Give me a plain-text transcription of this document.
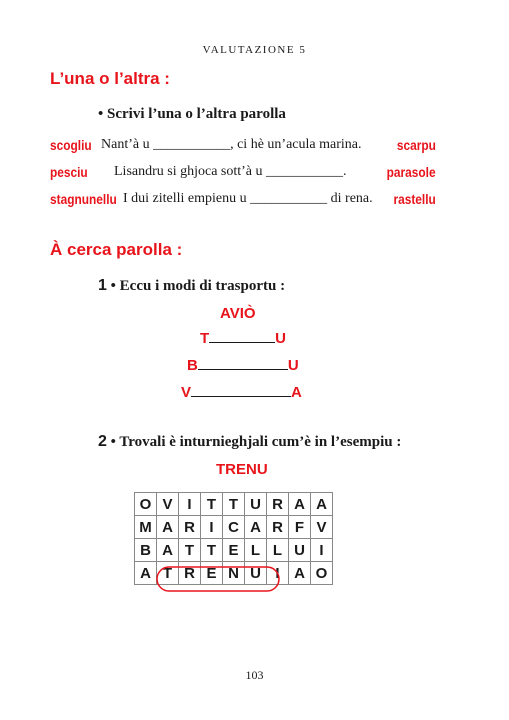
VALUTAZIONE 5
L’una o l’altra :
• Scrivi l’una o l’altra parolla
scogliu Nant’à u ___________, ci hè un’acula marina.	scarpu
pesciu Lisandru si ghjoca sott’à u ___________.	parasole
stagnunellu I dui zitelli empienu u ___________ di rena. rastellu
À cerca parolla :
1 • Eccu i modi di trasportu :
AVIÒ
T	U
B	U
V	A
2 • Trovali è inturnieghjali cum’è in l’esempiu :
TRENU
O	V	I	T	T	U	R	A	A
M	A	R	I	C	A	R	F	V
B	A	T	T	E	L	L	U	I
A	T	R	E	N	U	I	A	O
103
